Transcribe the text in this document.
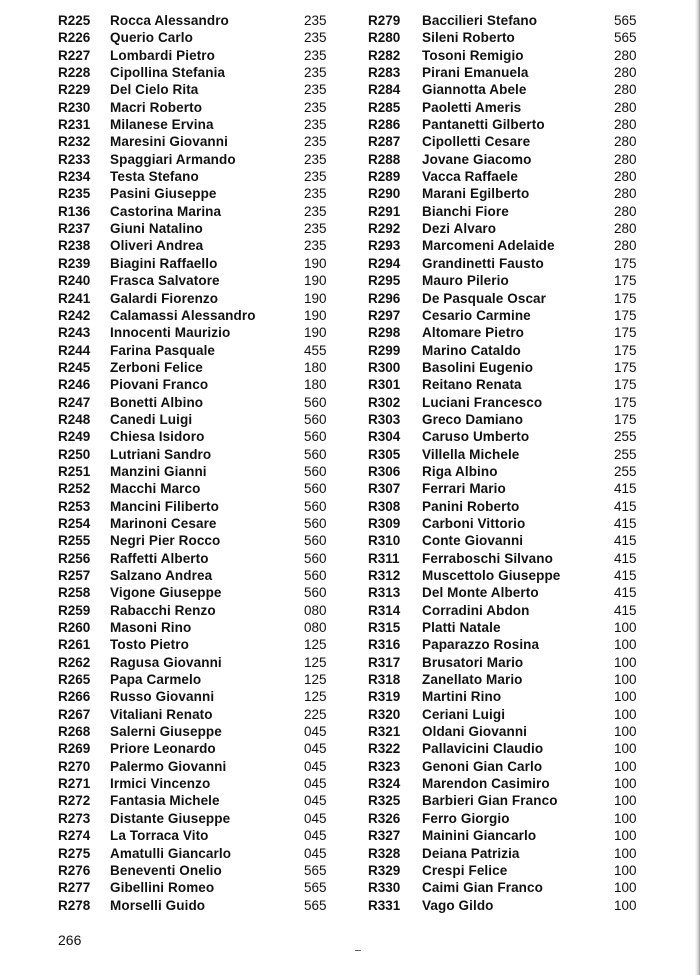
R225 Rocca Alessandro	235
R226 Querio Carlo	235
R227 Lombardi Pietro	235
R228 Cipollina Stefania	235
R229 Del Cielo Rita	235
R230 Macri Roberto	235
R231 Milanese Ervina	235
R232 Maresini Giovanni	235
R233 Spaggiari Armando	235
R234 Testa Stefano	235
R235 Pasini Giuseppe	235
R136 Castorina Marina	235
R237 Giuni Natalino	235
R238 Oliveri Andrea	235
R239 Biagini Raffaello	190
R240 Frasca Salvatore	190
R241 Galardi Fiorenzo	190
R242 Calamassi Alessandro	190
R243 Innocenti Maurizio	190
R244 Farina Pasquale	455
R245 Zerboni Felice	180
R246 Piovani Franco	180
R247 Bonetti Albino	560
R248 Canedi Luigi	560
R249 Chiesa Isidoro	560
R250 Lutriani Sandro	560
R251 Manzini Gianni	560
R252 Macchi Marco	560
R253 Mancini Filiberto	560
R254 Marinoni Cesare	560
R255 Negri Pier Rocco	560
R256 Raffetti Alberto	560
R257 Salzano Andrea	560
R258 Vigone Giuseppe	560
R259 Rabacchi Renzo	080
R260 Masoni Rino	080
R261 Tosto Pietro	125
R262 Ragusa Giovanni	125
R265 Papa Carmelo	125
R266 Russo Giovanni	125
R267 Vitaliani Renato	225
R268 Salerni Giuseppe	045
R269 Priore Leonardo	045
R270 Palermo Giovanni	045
R271 Irmici Vincenzo	045
R272 Fantasia Michele	045
R273 Distante Giuseppe	045
R274 La Torraca Vito	045
R275 Amatulli Giancarlo	045
R276 Beneventi Onelio	565
R277 Gibellini Romeo	565
R278 Morselli Guido	565
R279 Baccilieri Stefano	565
R280 Sileni Roberto	565
R282 Tosoni Remigio	280
R283 Pirani Emanuela	280
R284 Giannotta Abele	280
R285 Paoletti Ameris	280
R286 Pantanetti Gilberto	280
R287 Cipolletti Cesare	280
R288 Jovane Giacomo	280
R289 Vacca Raffaele	280
R290 Marani Egilberto	280
R291 Bianchi Fiore	280
R292 Dezi Alvaro	280
R293 Marcomeni Adelaide	280
R294 Grandinetti Fausto	175
R295 Mauro Pilerio	175
R296 De Pasquale Oscar	175
R297 Cesario Carmine	175
R298 Altomare Pietro	175
R299 Marino Cataldo	175
R300 Basolini Eugenio	175
R301 Reitano Renata	175
R302 Luciani Francesco	175
R303 Greco Damiano	175
R304 Caruso Umberto	255
R305 Villella Michele	255
R306 Riga Albino	255
R307 Ferrari Mario	415
R308 Panini Roberto	415
R309 Carboni Vittorio	415
R310 Conte Giovanni	415
R311 Ferraboschi Silvano	415
R312 Muscettolo Giuseppe	415
R313 Del Monte Alberto	415
R314 Corradini Abdon	415
R315 Platti Natale	100
R316 Paparazzo Rosina	100
R317 Brusatori Mario	100
R318 Zanellato Mario	100
R319 Martini Rino	100
R320 Ceriani Luigi	100
R321 Oldani Giovanni	100
R322 Pallavicini Claudio	100
R323 Genoni Gian Carlo	100
R324 Marendon Casimiro	100
R325 Barbieri Gian Franco	100
R326 Ferro Giorgio	100
R327 Mainini Giancarlo	100
R328 Deiana Patrizia	100
R329 Crespi Felice	100
R330 Caimi Gian Franco	100
R331 Vago Gildo	100
266
